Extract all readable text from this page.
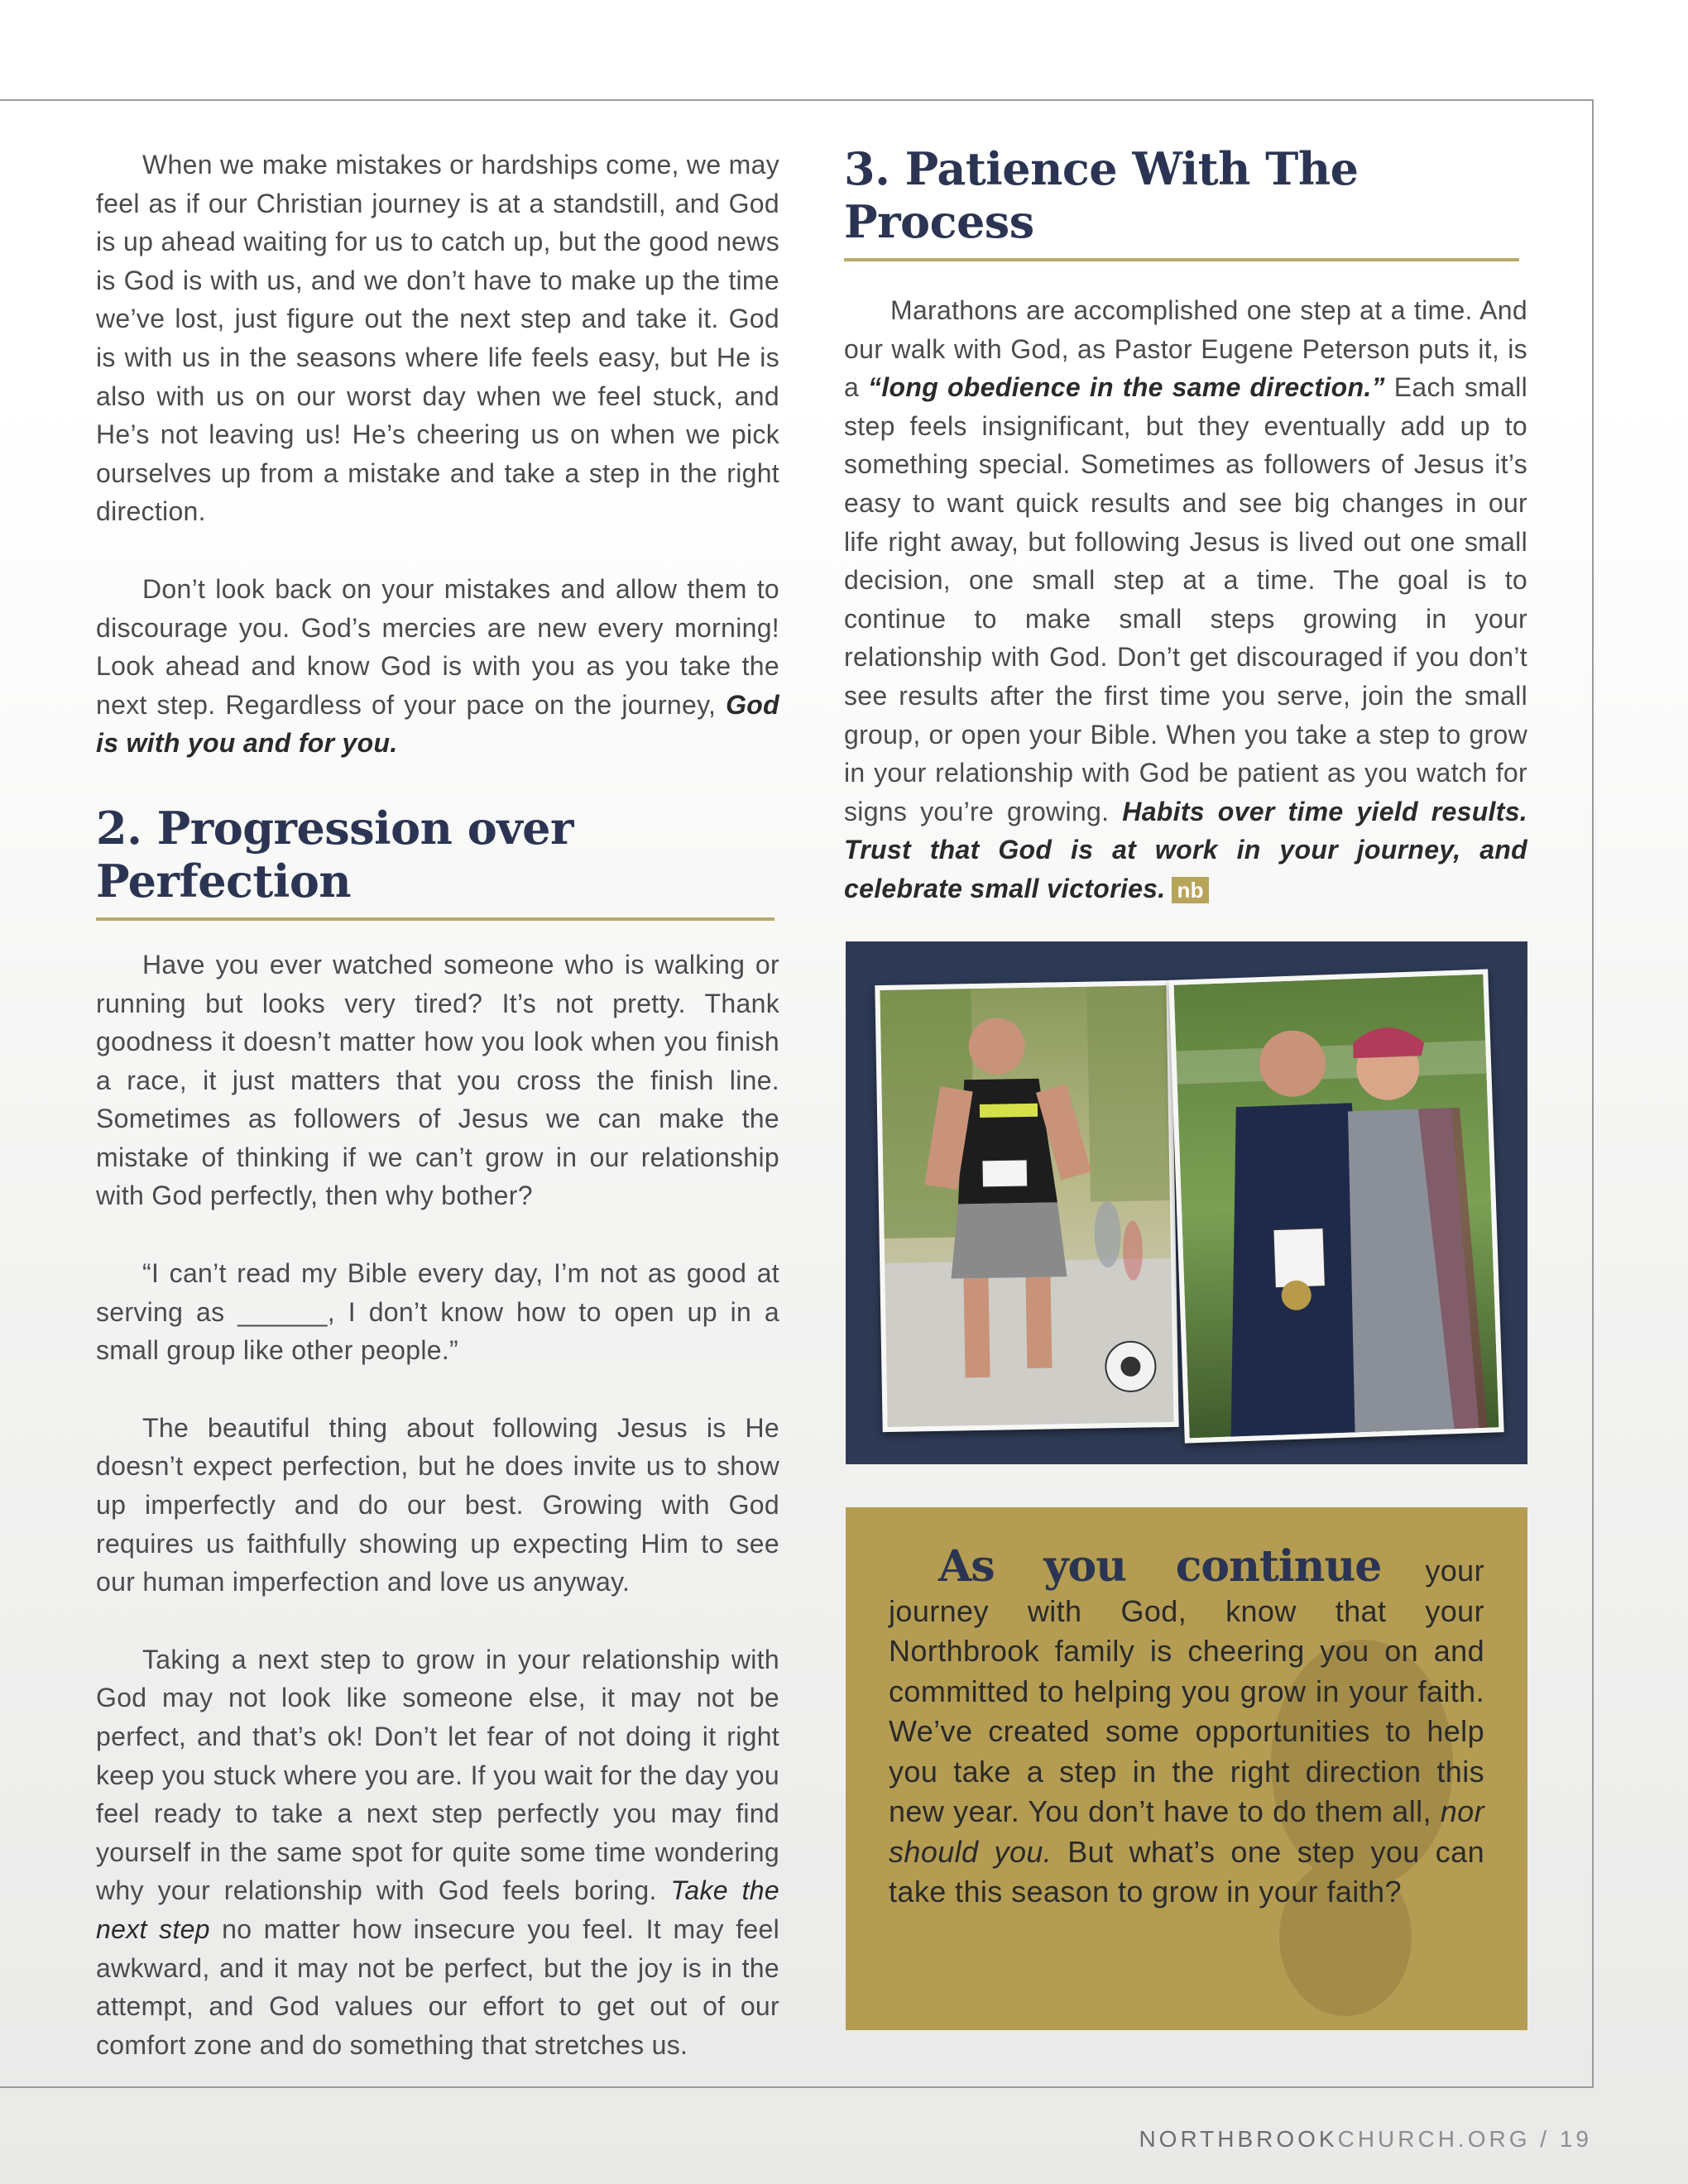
When we make mistakes or hardships come, we may feel as if our Christian journey is at a standstill, and God is up ahead waiting for us to catch up, but the good news is God is with us, and we don’t have to make up the time we’ve lost, just figure out the next step and take it. God is with us in the seasons where life feels easy, but He is also with us on our worst day when we feel stuck, and He’s not leaving us! He’s cheering us on when we pick ourselves up from a mistake and take a step in the right direction.

Don’t look back on your mistakes and allow them to discourage you. God’s mercies are new every morning! Look ahead and know God is with you as you take the next step. Regardless of your pace on the journey, God is with you and for you.

2. Progression over Perfection

Have you ever watched someone who is walking or running but looks very tired? It’s not pretty. Thank goodness it doesn’t matter how you look when you finish a race, it just matters that you cross the finish line. Sometimes as followers of Jesus we can make the mistake of thinking if we can’t grow in our relationship with God perfectly, then why bother?

“I can’t read my Bible every day, I’m not as good at serving as ______, I don’t know how to open up in a small group like other people.”

The beautiful thing about following Jesus is He doesn’t expect perfection, but he does invite us to show up imperfectly and do our best. Growing with God requires us faithfully showing up expecting Him to see our human imperfection and love us anyway.

Taking a next step to grow in your relationship with God may not look like someone else, it may not be perfect, and that’s ok! Don’t let fear of not doing it right keep you stuck where you are. If you wait for the day you feel ready to take a next step perfectly you may find yourself in the same spot for quite some time wondering why your relationship with God feels boring. Take the next step no matter how insecure you feel. It may feel awkward, and it may not be perfect, but the joy is in the attempt, and God values our effort to get out of our comfort zone and do something that stretches us.

3. Patience With The Process

Marathons are accomplished one step at a time. And our walk with God, as Pastor Eugene Peterson puts it, is a “long obedience in the same direction.” Each small step feels insignificant, but they eventually add up to something special. Sometimes as followers of Jesus it’s easy to want quick results and see big changes in our life right away, but following Jesus is lived out one small decision, one small step at a time. The goal is to continue to make small steps growing in your relationship with God. Don’t get discouraged if you don’t see results after the first time you serve, join the small group, or open your Bible. When you take a step to grow in your relationship with God be patient as you watch for signs you’re growing. Habits over time yield results. Trust that God is at work in your journey, and celebrate small victories. nb

As you continue your journey with God, know that your Northbrook family is cheering you on and committed to helping you grow in your faith. We’ve created some opportunities to help you take a step in the right direction this new year. You don’t have to do them all, nor should you. But what’s one step you can take this season to grow in your faith?

NORTHBROOKCHURCH.ORG / 19
